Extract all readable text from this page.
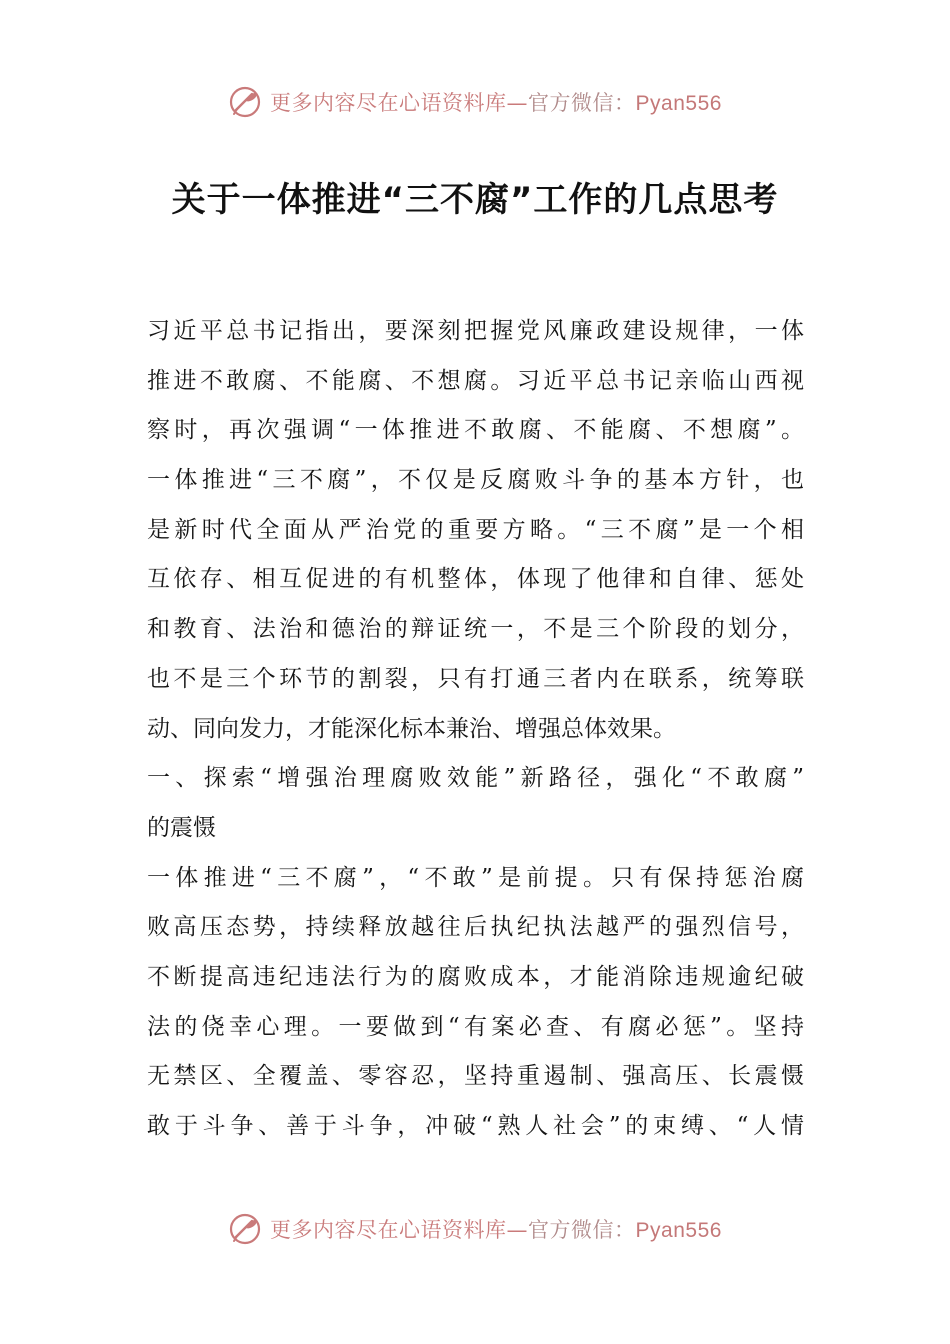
更多内容尽在心语资料库—官方微信：Pyan556
关于一体推进“三不腐”工作的几点思考
习近平总书记指出，要深刻把握党风廉政建设规律，一体
推进不敢腐、不能腐、不想腐。习近平总书记亲临山西视
察时，再次强调“一体推进不敢腐、不能腐、不想腐”。
一体推进“三不腐”，不仅是反腐败斗争的基本方针，也
是新时代全面从严治党的重要方略。“三不腐”是一个相
互依存、相互促进的有机整体，体现了他律和自律、惩处
和教育、法治和德治的辩证统一，不是三个阶段的划分，
也不是三个环节的割裂，只有打通三者内在联系，统筹联
动、同向发力，才能深化标本兼治、增强总体效果。
一、探索“增强治理腐败效能”新路径，强化“不敢腐”
的震慑
一体推进“三不腐”，“不敢”是前提。只有保持惩治腐
败高压态势，持续释放越往后执纪执法越严的强烈信号，
不断提高违纪违法行为的腐败成本，才能消除违规逾纪破
法的侥幸心理。一要做到“有案必查、有腐必惩”。坚持
无禁区、全覆盖、零容忍，坚持重遏制、强高压、长震慑
敢于斗争、善于斗争，冲破“熟人社会”的束缚、“人情
更多内容尽在心语资料库—官方微信：Pyan556
